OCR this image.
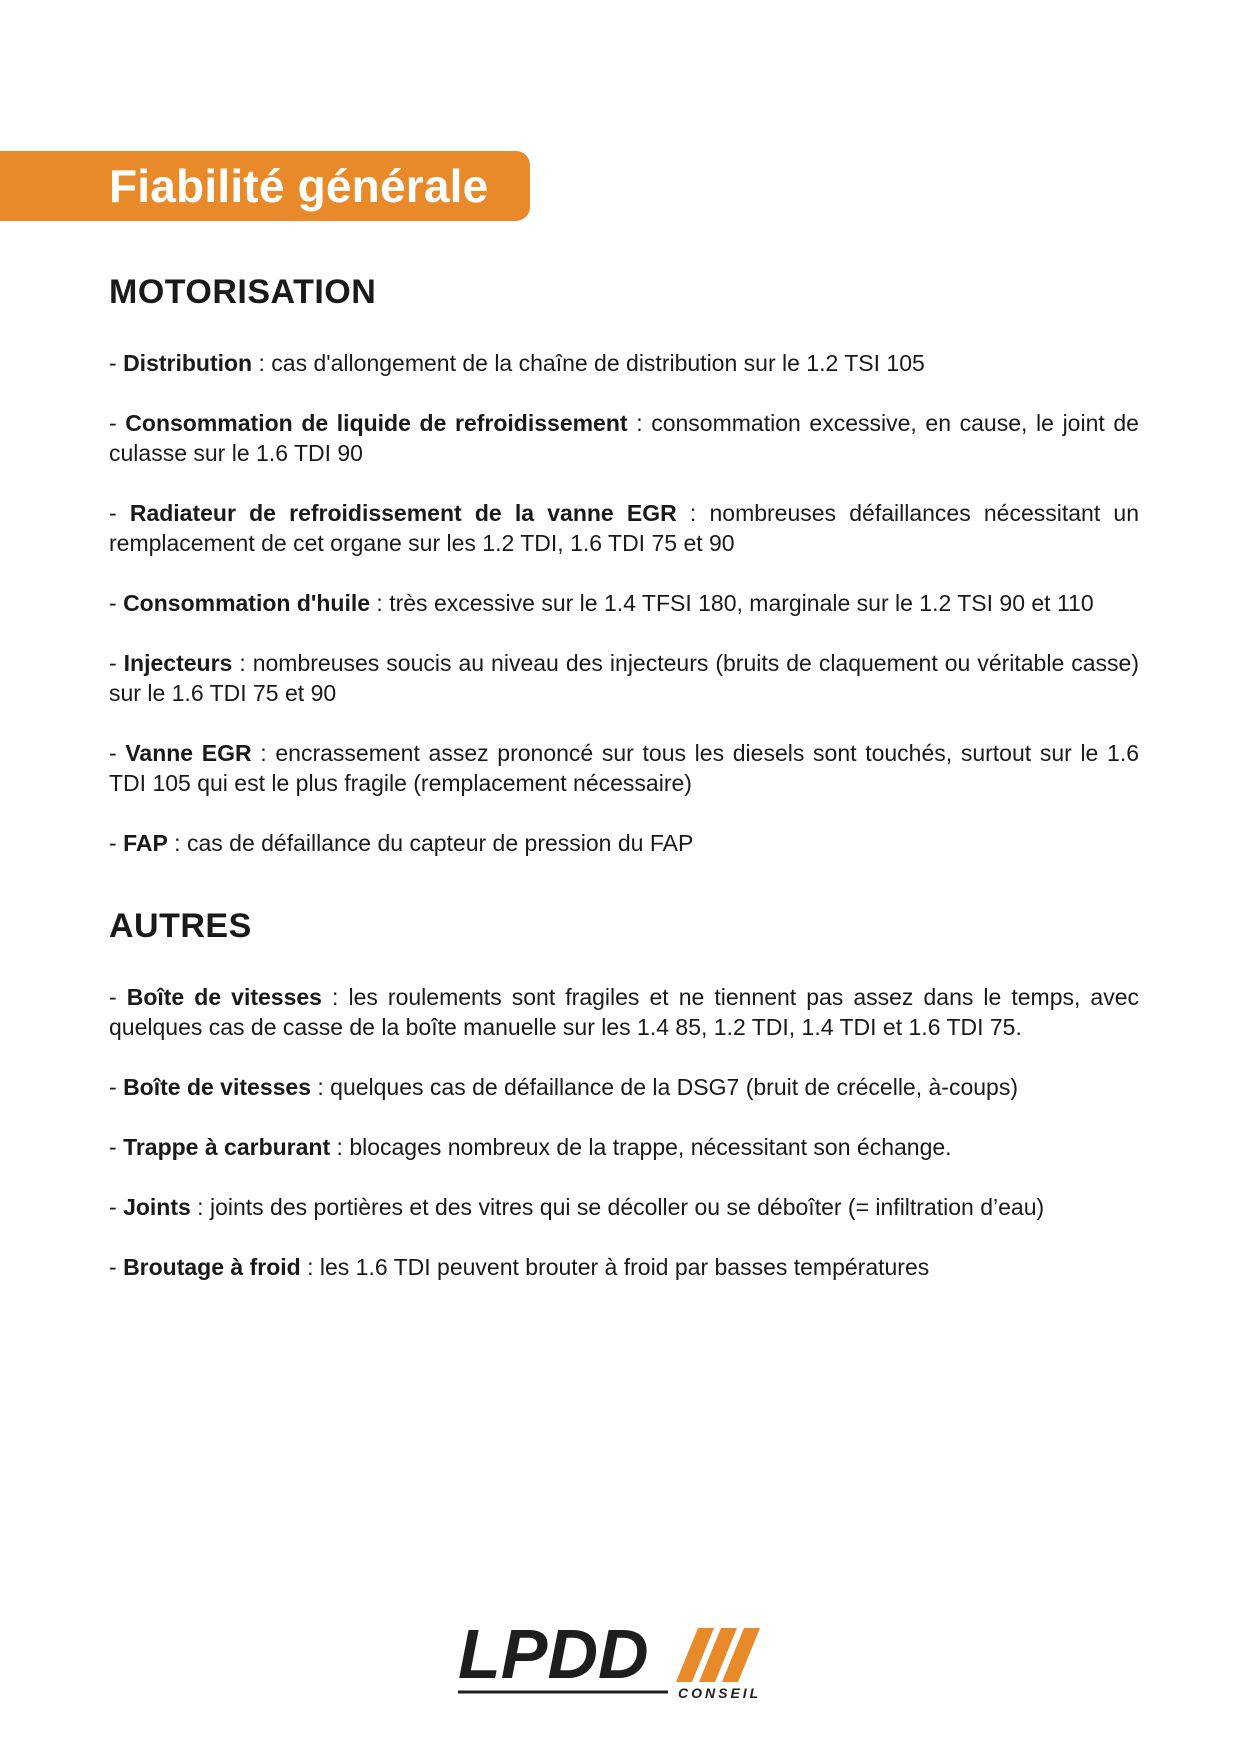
Fiabilité générale
MOTORISATION
- Distribution : cas d'allongement de la chaîne de distribution sur le 1.2 TSI 105
- Consommation de liquide de refroidissement : consommation excessive, en cause, le joint de culasse sur le 1.6 TDI 90
- Radiateur de refroidissement de la vanne EGR : nombreuses défaillances nécessitant un remplacement de cet organe sur les 1.2 TDI, 1.6 TDI 75 et 90
- Consommation d'huile : très excessive sur le 1.4 TFSI 180, marginale sur le 1.2 TSI 90 et 110
- Injecteurs : nombreuses soucis au niveau des injecteurs (bruits de claquement ou véritable casse) sur le 1.6 TDI 75 et 90
- Vanne EGR : encrassement assez prononcé sur tous les diesels sont touchés, surtout sur le 1.6 TDI 105 qui est le plus fragile (remplacement nécessaire)
- FAP : cas de défaillance du capteur de pression du FAP
AUTRES
- Boîte de vitesses : les roulements sont fragiles et ne tiennent pas assez dans le temps, avec quelques cas de casse de la boîte manuelle sur les 1.4 85, 1.2 TDI, 1.4 TDI et 1.6 TDI 75.
- Boîte de vitesses : quelques cas de défaillance de la DSG7 (bruit de crécelle, à-coups)
- Trappe à carburant : blocages nombreux de la trappe, nécessitant son échange.
- Joints : joints des portières et des vitres qui se décoller ou se déboîter (= infiltration d’eau)
- Broutage à froid : les 1.6 TDI peuvent brouter à froid par basses températures
LPDD CONSEIL
